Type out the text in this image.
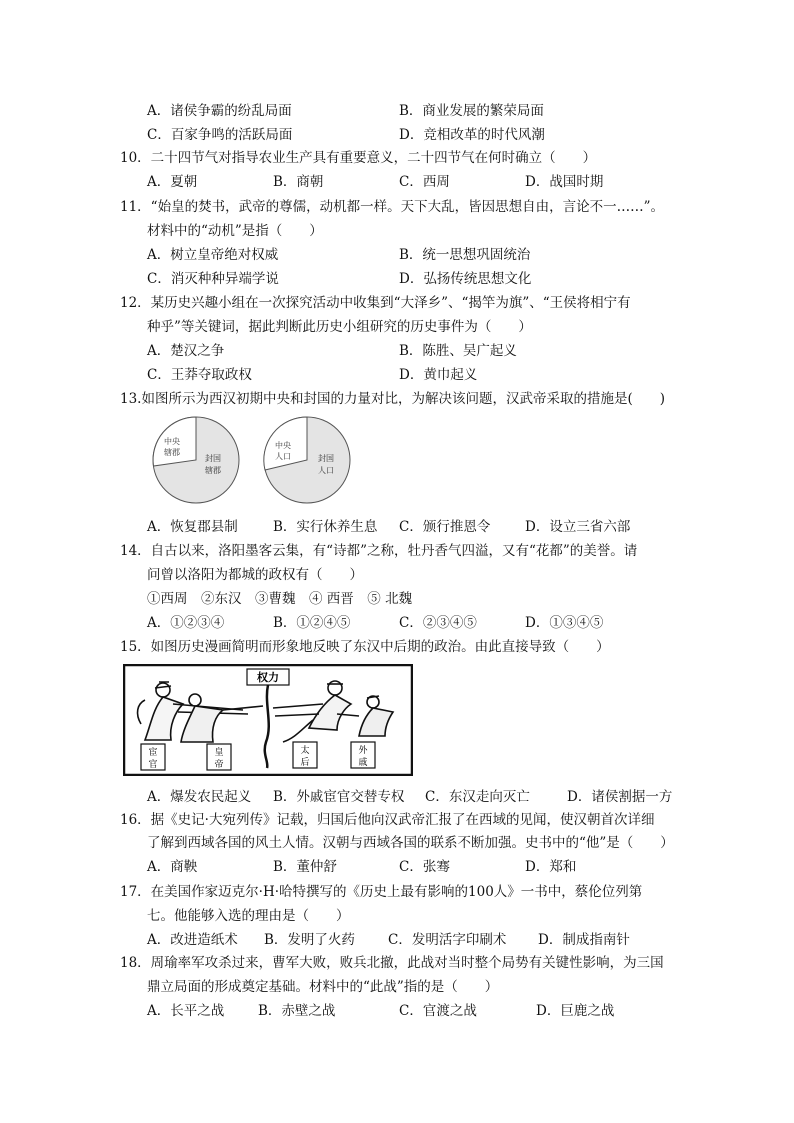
A．诸侯争霸的纷乱局面	B．商业发展的繁荣局面
C．百家争鸣的活跃局面	D．竞相改革的时代风潮
10．二十四节气对指导农业生产具有重要意义，二十四节气在何时确立（　　）
A．夏朝	B．商朝	C．西周	D．战国时期
11．“始皇的焚书，武帝的尊儒，动机都一样。天下大乱，皆因思想自由，言论不一……”。
材料中的“动机”是指（　　）
A．树立皇帝绝对权威	B．统一思想巩固统治
C．消灭种种异端学说	D．弘扬传统思想文化
12．某历史兴趣小组在一次探究活动中收集到“大泽乡”、“揭竿为旗”、“王侯将相宁有
种乎”等关键词，据此判断此历史小组研究的历史事件为（　　）
A．楚汉之争	B．陈胜、吴广起义
C．王莽夺取政权	D．黄巾起义
13.如图所示为西汉初期中央和封国的力量对比，为解决该问题，汉武帝采取的措施是(　　)
中央
辖郡
封国
辖郡
中央
人口	封国
人口
A．恢复郡县制	B．实行休养生息 C．颁行推恩令	D．设立三省六部
14．自古以来，洛阳墨客云集，有“诗都”之称，牡丹香气四溢，又有“花都”的美誉。请
问曾以洛阳为都城的政权有（　　）
①西周　②东汉　③曹魏　④ 西晋　⑤ 北魏
A．①②③④	B．①②④⑤	C．②③④⑤	D．①③④⑤
15．如图历史漫画简明而形象地反映了东汉中后期的政治。由此直接导致（　　）
权力
宦
官
皇
帝
太
后
外
戚
A．爆发农民起义 B．外戚宦官交替专权 C．东汉走向灭亡	D．诸侯割据一方
16．据《史记·大宛列传》记载，归国后他向汉武帝汇报了在西域的见闻，使汉朝首次详细
了解到西域各国的风土人情。汉朝与西域各国的联系不断加强。史书中的“他”是（　　）
A．商鞅	B．董仲舒	C．张骞	D．郑和
17．在美国作家迈克尔·H·哈特撰写的《历史上最有影响的100人》一书中，蔡伦位列第
七。他能够入选的理由是（　　）
A．改进造纸术 B．发明了火药 C．发明活字印刷术 D．制成指南针
18．周瑜率军攻杀过来，曹军大败，败兵北撤，此战对当时整个局势有关键性影响，为三国
鼎立局面的形成奠定基础。材料中的“此战”指的是（　　）
A．长平之战	B．赤壁之战	C．官渡之战	D．巨鹿之战
